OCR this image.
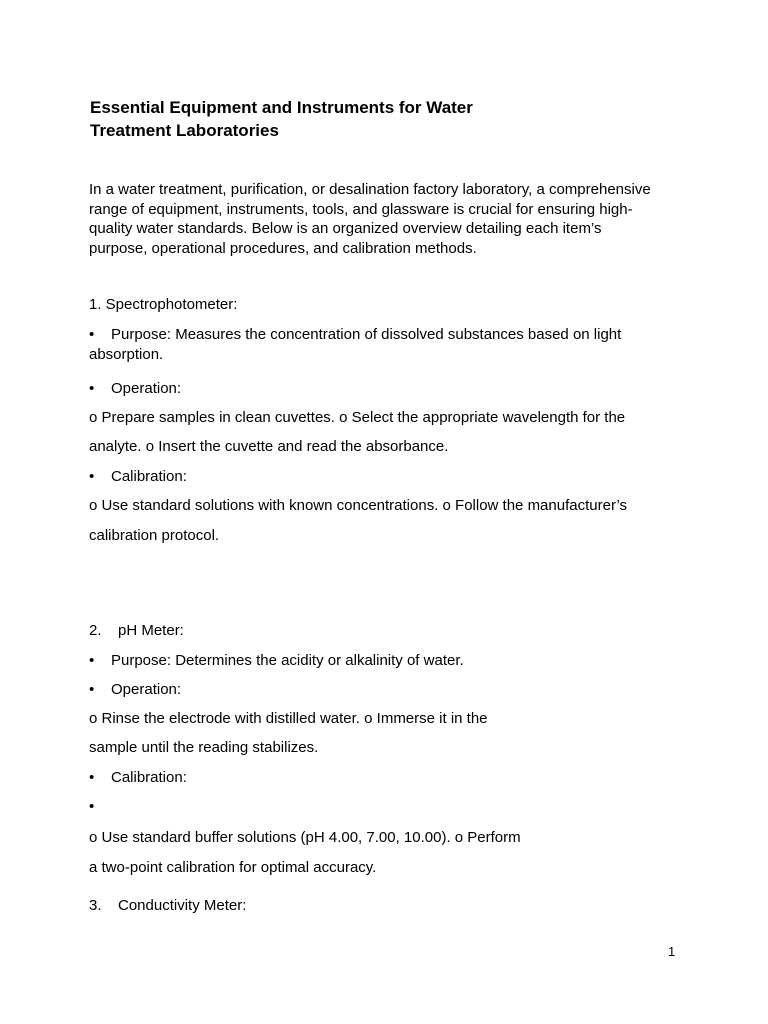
Essential Equipment and Instruments for Water
Treatment Laboratories
In a water treatment, purification, or desalination factory laboratory, a comprehensive
range of equipment, instruments, tools, and glassware is crucial for ensuring high-
quality water standards. Below is an organized overview detailing each item’s
purpose, operational procedures, and calibration methods.
1. Spectrophotometer:
• Purpose: Measures the concentration of dissolved substances based on light
absorption.
• Operation:
o Prepare samples in clean cuvettes. o Select the appropriate wavelength for the
analyte. o Insert the cuvette and read the absorbance.
• Calibration:
o Use standard solutions with known concentrations. o Follow the manufacturer’s
calibration protocol.
2. pH Meter:
• Purpose: Determines the acidity or alkalinity of water.
• Operation:
o Rinse the electrode with distilled water. o Immerse it in the
sample until the reading stabilizes.
• Calibration:
•
o Use standard buffer solutions (pH 4.00, 7.00, 10.00). o Perform
a two-point calibration for optimal accuracy.
3. Conductivity Meter:
1
